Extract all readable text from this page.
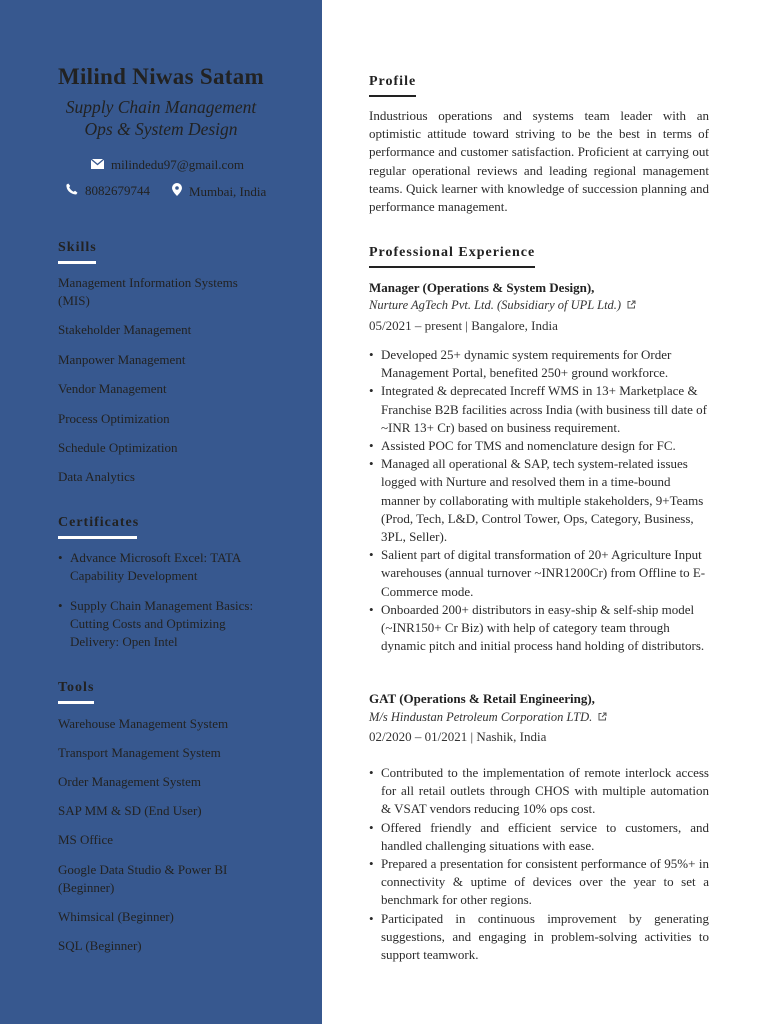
Milind Niwas Satam
Supply Chain Management
Ops & System Design
milindedu97@gmail.com
8082679744	Mumbai, India
Skills
Management Information Systems (MIS)
Stakeholder Management
Manpower Management
Vendor Management
Process Optimization
Schedule Optimization
Data Analytics
Certificates
• Advance Microsoft Excel: TATA Capability Development
• Supply Chain Management Basics: Cutting Costs and Optimizing Delivery: Open Intel
Tools
Warehouse Management System
Transport Management System
Order Management System
SAP MM & SD (End User)
MS Office
Google Data Studio & Power BI (Beginner)
Whimsical (Beginner)
SQL (Beginner)
Profile

Industrious operations and systems team leader with an optimistic attitude toward striving to be the best in terms of performance and customer satisfaction. Proficient at carrying out regular operational reviews and leading regional management teams. Quick learner with knowledge of succession planning and performance management.

Professional Experience
Manager (Operations & System Design),
Nurture AgTech Pvt. Ltd. (Subsidiary of UPL Ltd.)
05/2021 – present | Bangalore, India
• Developed 25+ dynamic system requirements for Order Management Portal, benefited 250+ ground workforce.
• Integrated & deprecated Increff WMS in 13+ Marketplace & Franchise B2B facilities across India (with business till date of ~INR 13+ Cr) based on business requirement.
• Assisted POC for TMS and nomenclature design for FC.
• Managed all operational & SAP, tech system-related issues logged with Nurture and resolved them in a time-bound manner by collaborating with multiple stakeholders, 9+Teams (Prod, Tech, L&D, Control Tower, Ops, Category, Business, 3PL, Seller).
• Salient part of digital transformation of 20+ Agriculture Input warehouses (annual turnover ~INR1200Cr) from Offline to E-Commerce mode.
• Onboarded 200+ distributors in easy-ship & self-ship model (~INR150+ Cr Biz) with help of category team through dynamic pitch and initial process hand holding of distributors.
GAT (Operations & Retail Engineering),
M/s Hindustan Petroleum Corporation LTD.
02/2020 – 01/2021 | Nashik, India
• Contributed to the implementation of remote interlock access for all retail outlets through CHOS with multiple automation & VSAT vendors reducing 10% ops cost.
• Offered friendly and efficient service to customers, and handled challenging situations with ease.
• Prepared a presentation for consistent performance of 95%+ in connectivity & uptime of devices over the year to set a benchmark for other regions.
• Participated in continuous improvement by generating suggestions, and engaging in problem-solving activities to support teamwork.
